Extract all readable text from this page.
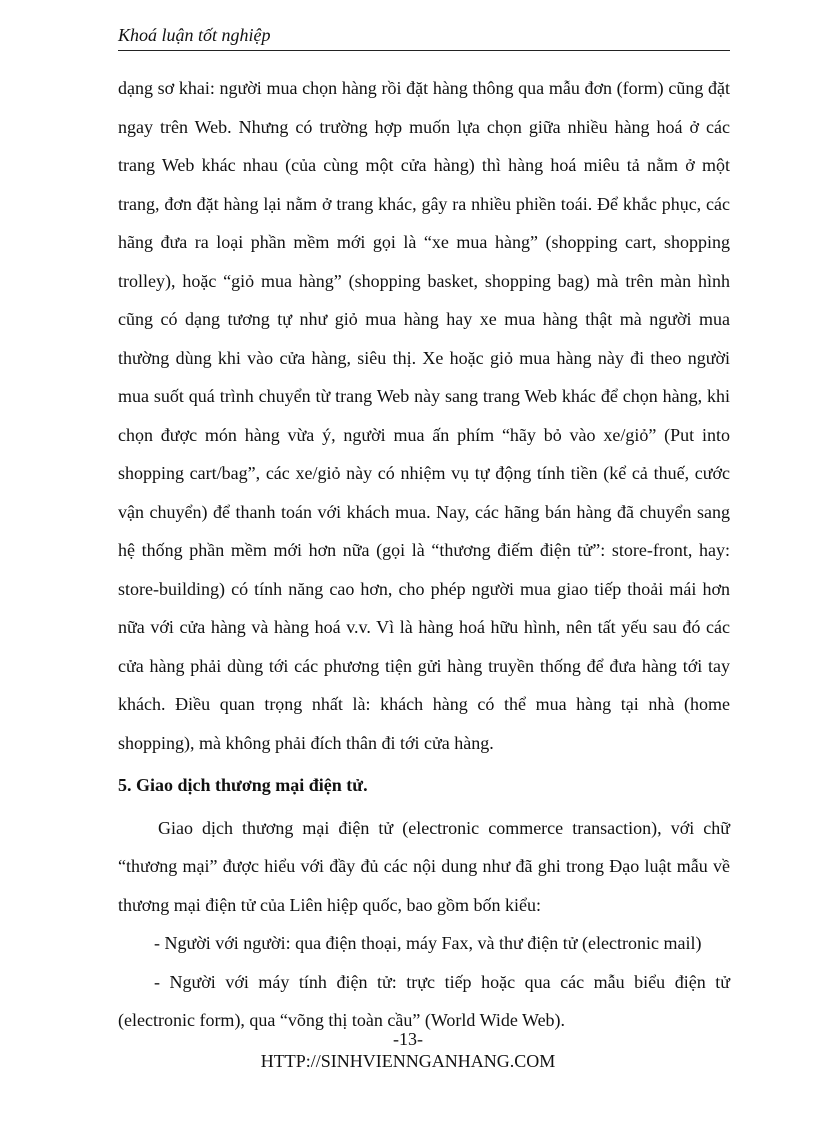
Khoá luận tốt nghiệp

dạng sơ khai: người mua chọn hàng rồi đặt hàng thông qua mẫu đơn (form) cũng đặt ngay trên Web. Nhưng có trường hợp muốn lựa chọn giữa nhiều hàng hoá ở các trang Web khác nhau (của cùng một cửa hàng) thì hàng hoá miêu tả nằm ở một trang, đơn đặt hàng lại nằm ở trang khác, gây ra nhiều phiền toái. Để khắc phục, các hãng đưa ra loại phần mềm mới gọi là “xe mua hàng” (shopping cart, shopping trolley), hoặc “giỏ mua hàng” (shopping basket, shopping bag) mà trên màn hình cũng có dạng tương tự như giỏ mua hàng hay xe mua hàng thật mà người mua thường dùng khi vào cửa hàng, siêu thị. Xe hoặc giỏ mua hàng này đi theo người mua suốt quá trình chuyển từ trang Web này sang trang Web khác để chọn hàng, khi chọn được món hàng vừa ý, người mua ấn phím “hãy bỏ vào xe/giỏ” (Put into shopping cart/bag”, các xe/giỏ này có nhiệm vụ tự động tính tiền (kể cả thuế, cước vận chuyển) để thanh toán với khách mua. Nay, các hãng bán hàng đã chuyển sang hệ thống phần mềm mới hơn nữa (gọi là “thương điếm điện tử”: store-front, hay: store-building) có tính năng cao hơn, cho phép người mua giao tiếp thoải mái hơn nữa với cửa hàng và hàng hoá v.v. Vì là hàng hoá hữu hình, nên tất yếu sau đó các cửa hàng phải dùng tới các phương tiện gửi hàng truyền thống để đưa hàng tới tay khách. Điều quan trọng nhất là: khách hàng có thể mua hàng tại nhà (home shopping), mà không phải đích thân đi tới cửa hàng.

5. Giao dịch thương mại điện tử.

Giao dịch thương mại điện tử (electronic commerce transaction), với chữ “thương mại” được hiểu với đầy đủ các nội dung như đã ghi trong Đạo luật mẫu về thương mại điện tử của Liên hiệp quốc, bao gồm bốn kiểu:

- Người với người: qua điện thoại, máy Fax, và thư điện tử (electronic mail)

- Người với máy tính điện tử: trực tiếp hoặc qua các mẫu biểu điện tử (electronic form), qua “võng thị toàn cầu” (World Wide Web).

-13-
HTTP://SINHVIENNGANHANG.COM
